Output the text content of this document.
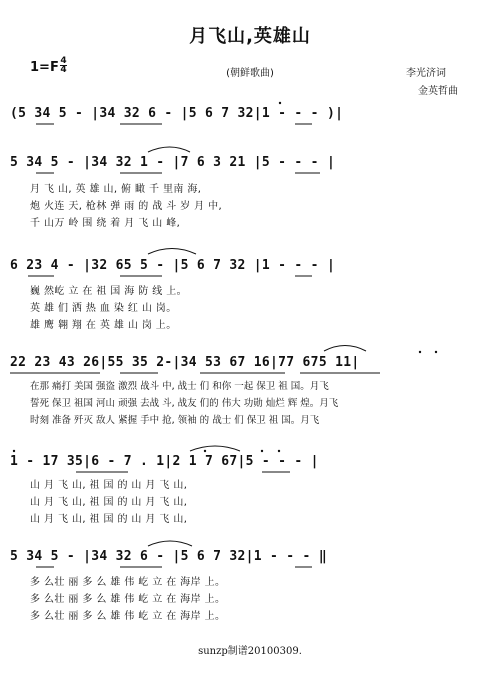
月飞山,英雄山
1=F 4
4	(朝鲜歌曲)	李光济词
金英哲曲
(5 34 5 - |34 32 6 - |5 6 7 32|1 - - - )|
5 34 5 - |34 32 1 - |7 6 3 21 |5 - - - |
月 飞 山, 英 雄 山, 俯 瞰 千 里南 海,
炮 火连 天, 枪林 弹 雨 的 战 斗 岁 月 中,
千 山万 岭 围 绕 着 月 飞 山 峰,
6 23 4 - |32 65 5 - |5 6 7 32 |1 - - - |
巍 然屹 立 在 祖 国 海 防 线 上。
英 雄 们 洒 热 血 染 红 山 岗。
雄 鹰 翱 翔 在 英 雄 山 岗 上。
22 23 43 26|55 35 2-|34 53 67 16|77 675 11|
在那 痛打 美国 强盗 激烈 战斗 中, 战士 们 和你 一起 保卫 祖 国。月飞
誓死 保卫 祖国 河山 顽强 去战 斗, 战友 们的 伟大 功勋 灿烂 辉 煌。月飞
时刻 准备 歼灭 敌人 紧握 手中 抢, 领袖 的 战士 们 保卫 祖 国。月飞
1 - 17 35|6 - 7 . 1|2 1 7 67|5 - - - |
山 月 飞 山, 祖 国 的 山 月 飞 山,
山 月 飞 山, 祖 国 的 山 月 飞 山,
山 月 飞 山, 祖 国 的 山 月 飞 山,
5 34 5 - |34 32 6 - |5 6 7 32|1 - - - ‖
多 么壮 丽 多 么 雄 伟 屹 立 在 海岸 上。
多 么壮 丽 多 么 雄 伟 屹 立 在 海岸 上。
多 么壮 丽 多 么 雄 伟 屹 立 在 海岸 上。
sunzp制谱20100309.
